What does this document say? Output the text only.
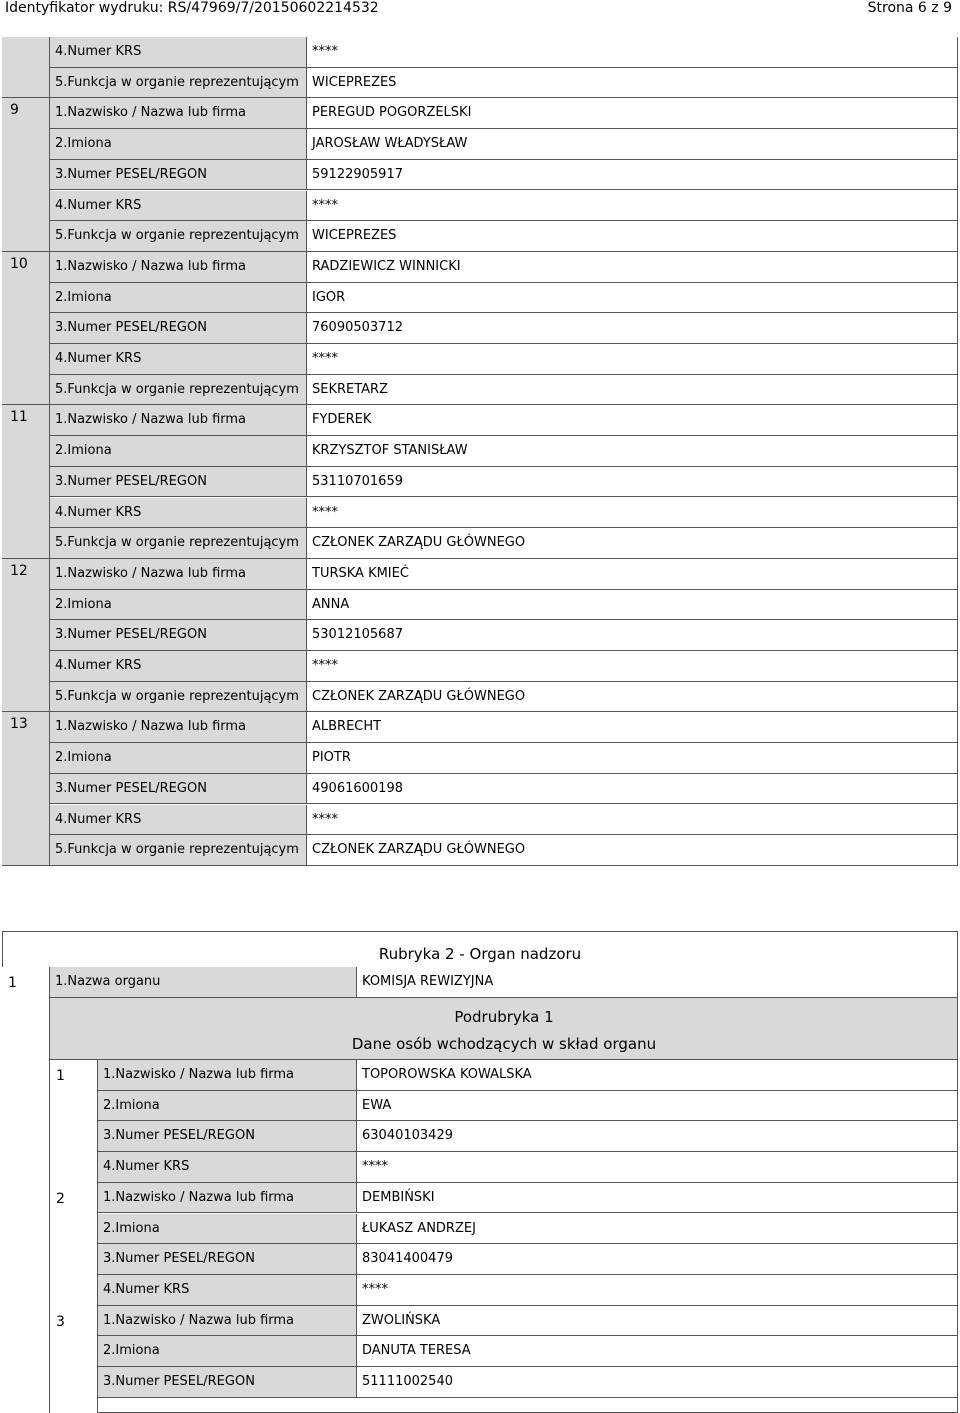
Identyfikator wydruku: RS/47969/7/20150602214532	Strona 6 z 9
4.Numer KRS	****
5.Funkcja w organie reprezentującym	WICEPREZES
9	1.Nazwisko / Nazwa lub firma	PEREGUD POGORZELSKI
2.Imiona	JAROSŁAW WŁADYSŁAW
3.Numer PESEL/REGON	59122905917
4.Numer KRS	****
5.Funkcja w organie reprezentującym	WICEPREZES
10	1.Nazwisko / Nazwa lub firma	RADZIEWICZ WINNICKI
2.Imiona	IGOR
3.Numer PESEL/REGON	76090503712
4.Numer KRS	****
5.Funkcja w organie reprezentującym	SEKRETARZ
11	1.Nazwisko / Nazwa lub firma	FYDEREK
2.Imiona	KRZYSZTOF STANISŁAW
3.Numer PESEL/REGON	53110701659
4.Numer KRS	****
5.Funkcja w organie reprezentującym	CZŁONEK ZARZĄDU GŁÓWNEGO
12	1.Nazwisko / Nazwa lub firma	TURSKA KMIEĆ
2.Imiona	ANNA
3.Numer PESEL/REGON	53012105687
4.Numer KRS	****
5.Funkcja w organie reprezentującym	CZŁONEK ZARZĄDU GŁÓWNEGO
13	1.Nazwisko / Nazwa lub firma	ALBRECHT
2.Imiona	PIOTR
3.Numer PESEL/REGON	49061600198
4.Numer KRS	****
5.Funkcja w organie reprezentującym	CZŁONEK ZARZĄDU GŁÓWNEGO
Rubryka 2 - Organ nadzoru
1	1.Nazwa organu	KOMISJA REWIZYJNA
Podrubryka 1
Dane osób wchodzących w skład organu
1	1.Nazwisko / Nazwa lub firma	TOPOROWSKA KOWALSKA
2.Imiona	EWA
3.Numer PESEL/REGON	63040103429
4.Numer KRS	****
2	1.Nazwisko / Nazwa lub firma	DEMBIŃSKI
2.Imiona	ŁUKASZ ANDRZEJ
3.Numer PESEL/REGON	83041400479
4.Numer KRS	****
3	1.Nazwisko / Nazwa lub firma	ZWOLIŃSKA
2.Imiona	DANUTA TERESA
3.Numer PESEL/REGON	51111002540
